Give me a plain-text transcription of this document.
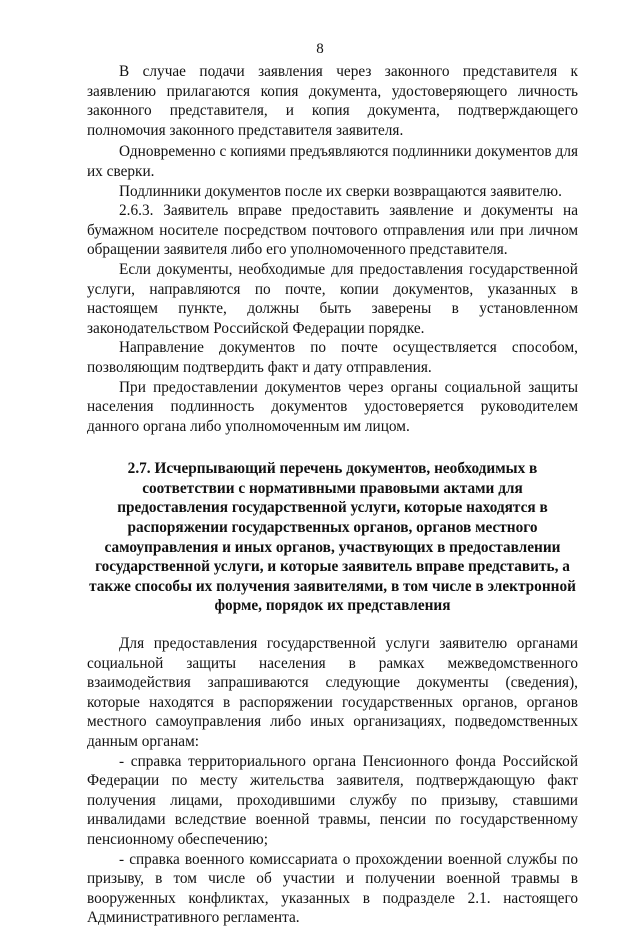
8

В случае подачи заявления через законного представителя к заявлению прилагаются копия документа, удостоверяющего личность законного представителя, и копия документа, подтверждающего полномочия законного представителя заявителя.

Одновременно с копиями предъявляются подлинники документов для их сверки.

Подлинники документов после их сверки возвращаются заявителю.

2.6.3. Заявитель вправе предоставить заявление и документы на бумажном носителе посредством почтового отправления или при личном обращении заявителя либо его уполномоченного представителя.

Если документы, необходимые для предоставления государственной услуги, направляются по почте, копии документов, указанных в настоящем пункте, должны быть заверены в установленном законодательством Российской Федерации порядке.

Направление документов по почте осуществляется способом, позволяющим подтвердить факт и дату отправления.

При предоставлении документов через органы социальной защиты населения подлинность документов удостоверяется руководителем данного органа либо уполномоченным им лицом.

2.7. Исчерпывающий перечень документов, необходимых в соответствии с нормативными правовыми актами для предоставления государственной услуги, которые находятся в распоряжении государственных органов, органов местного самоуправления и иных органов, участвующих в предоставлении государственной услуги, и которые заявитель вправе представить, а также способы их получения заявителями, в том числе в электронной форме, порядок их представления

Для предоставления государственной услуги заявителю органами социальной защиты населения в рамках межведомственного взаимодействия запрашиваются следующие документы (сведения), которые находятся в распоряжении государственных органов, органов местного самоуправления либо иных организациях, подведомственных данным органам:

- справка территориального органа Пенсионного фонда Российской Федерации по месту жительства заявителя, подтверждающую факт получения лицами, проходившими службу по призыву, ставшими инвалидами вследствие военной травмы, пенсии по государственному пенсионному обеспечению;

- справка военного комиссариата о прохождении военной службы по призыву, в том числе об участии и получении военной травмы в вооруженных конфликтах, указанных в подразделе 2.1. настоящего Административного регламента.
